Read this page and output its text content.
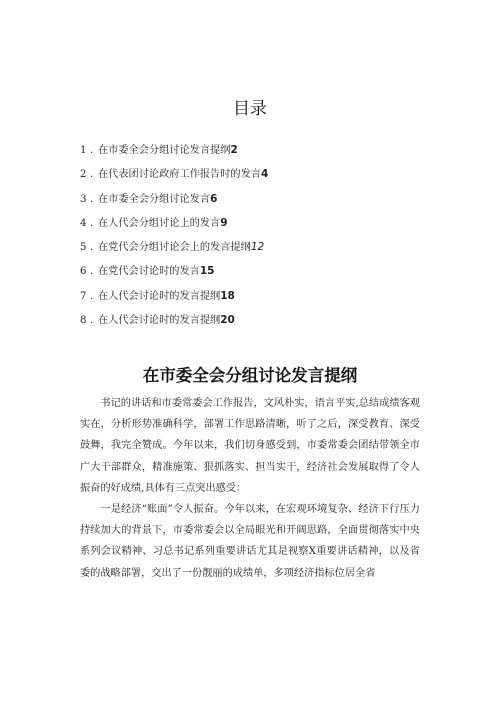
目录
1 . 在市委全会分组讨论发言提纲2
2 . 在代表团讨论政府工作报告时的发言4
3 . 在市委全会分组讨论发言6
4 . 在人代会分组讨论上的发言9
5 . 在党代会分组讨论会上的发言提纲12
6 . 在党代会讨论时的发言15
7 . 在人代会讨论时的发言提纲18
8 . 在人代会讨论时的发言提纲20
在市委全会分组讨论发言提纲

书记的讲话和市委常委会工作报告，文风朴实，语言平实,总结成绩客观实在，分析形势准确科学，部署工作思路清晰，听了之后，深受教育、深受鼓舞，我完全赞成。今年以来，我们切身感受到，市委常委会团结带领全市广大干部群众，精准施策、狠抓落实、担当实干，经济社会发展取得了令人振奋的好成绩,具体有三点突出感受：

一是经济“账面”令人振奋。今年以来，在宏观环境复杂、经济下行压力持续加大的背景下，市委常委会以全局眼光和开阔思路，全面贯彻落实中央系列会议精神、习总书记系列重要讲话尤其是视察X重要讲话精神，以及省委的战略部署，交出了一份靓丽的成绩单，多项经济指标位居全省
